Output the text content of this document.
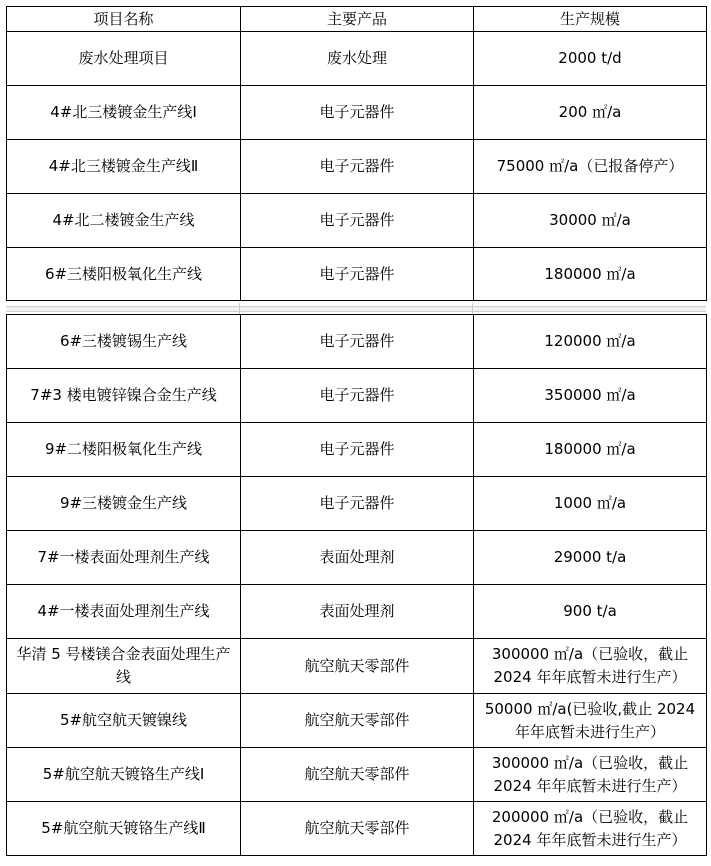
项目名称	主要产品	生产规模
废水处理项目	废水处理	2000 t/d
4#北三楼镀金生产线Ⅰ	电子元器件	200 ㎡/a
4#北三楼镀金生产线Ⅱ	电子元器件	75000 ㎡/a（已报备停产）
4#北二楼镀金生产线	电子元器件	30000 ㎡/a
6#三楼阳极氧化生产线	电子元器件	180000 ㎡/a
6#三楼镀锡生产线	电子元器件	120000 ㎡/a
7#3 楼电镀锌镍合金生产线	电子元器件	350000 ㎡/a
9#二楼阳极氧化生产线	电子元器件	180000 ㎡/a
9#三楼镀金生产线	电子元器件	1000 ㎡/a
7#一楼表面处理剂生产线	表面处理剂	29000 t/a
4#一楼表面处理剂生产线	表面处理剂	900 t/a
华清 5 号楼镁合金表面处理生产线	航空航天零部件	300000 ㎡/a（已验收，截止 2024 年年底暂未进行生产）
5#航空航天镀镍线	航空航天零部件	50000 ㎡/a(已验收,截止 2024 年年底暂未进行生产）
5#航空航天镀铬生产线Ⅰ	航空航天零部件	300000 ㎡/a（已验收，截止 2024 年年底暂未进行生产）
5#航空航天镀铬生产线Ⅱ	航空航天零部件	200000 ㎡/a（已验收，截止 2024 年年底暂未进行生产）
